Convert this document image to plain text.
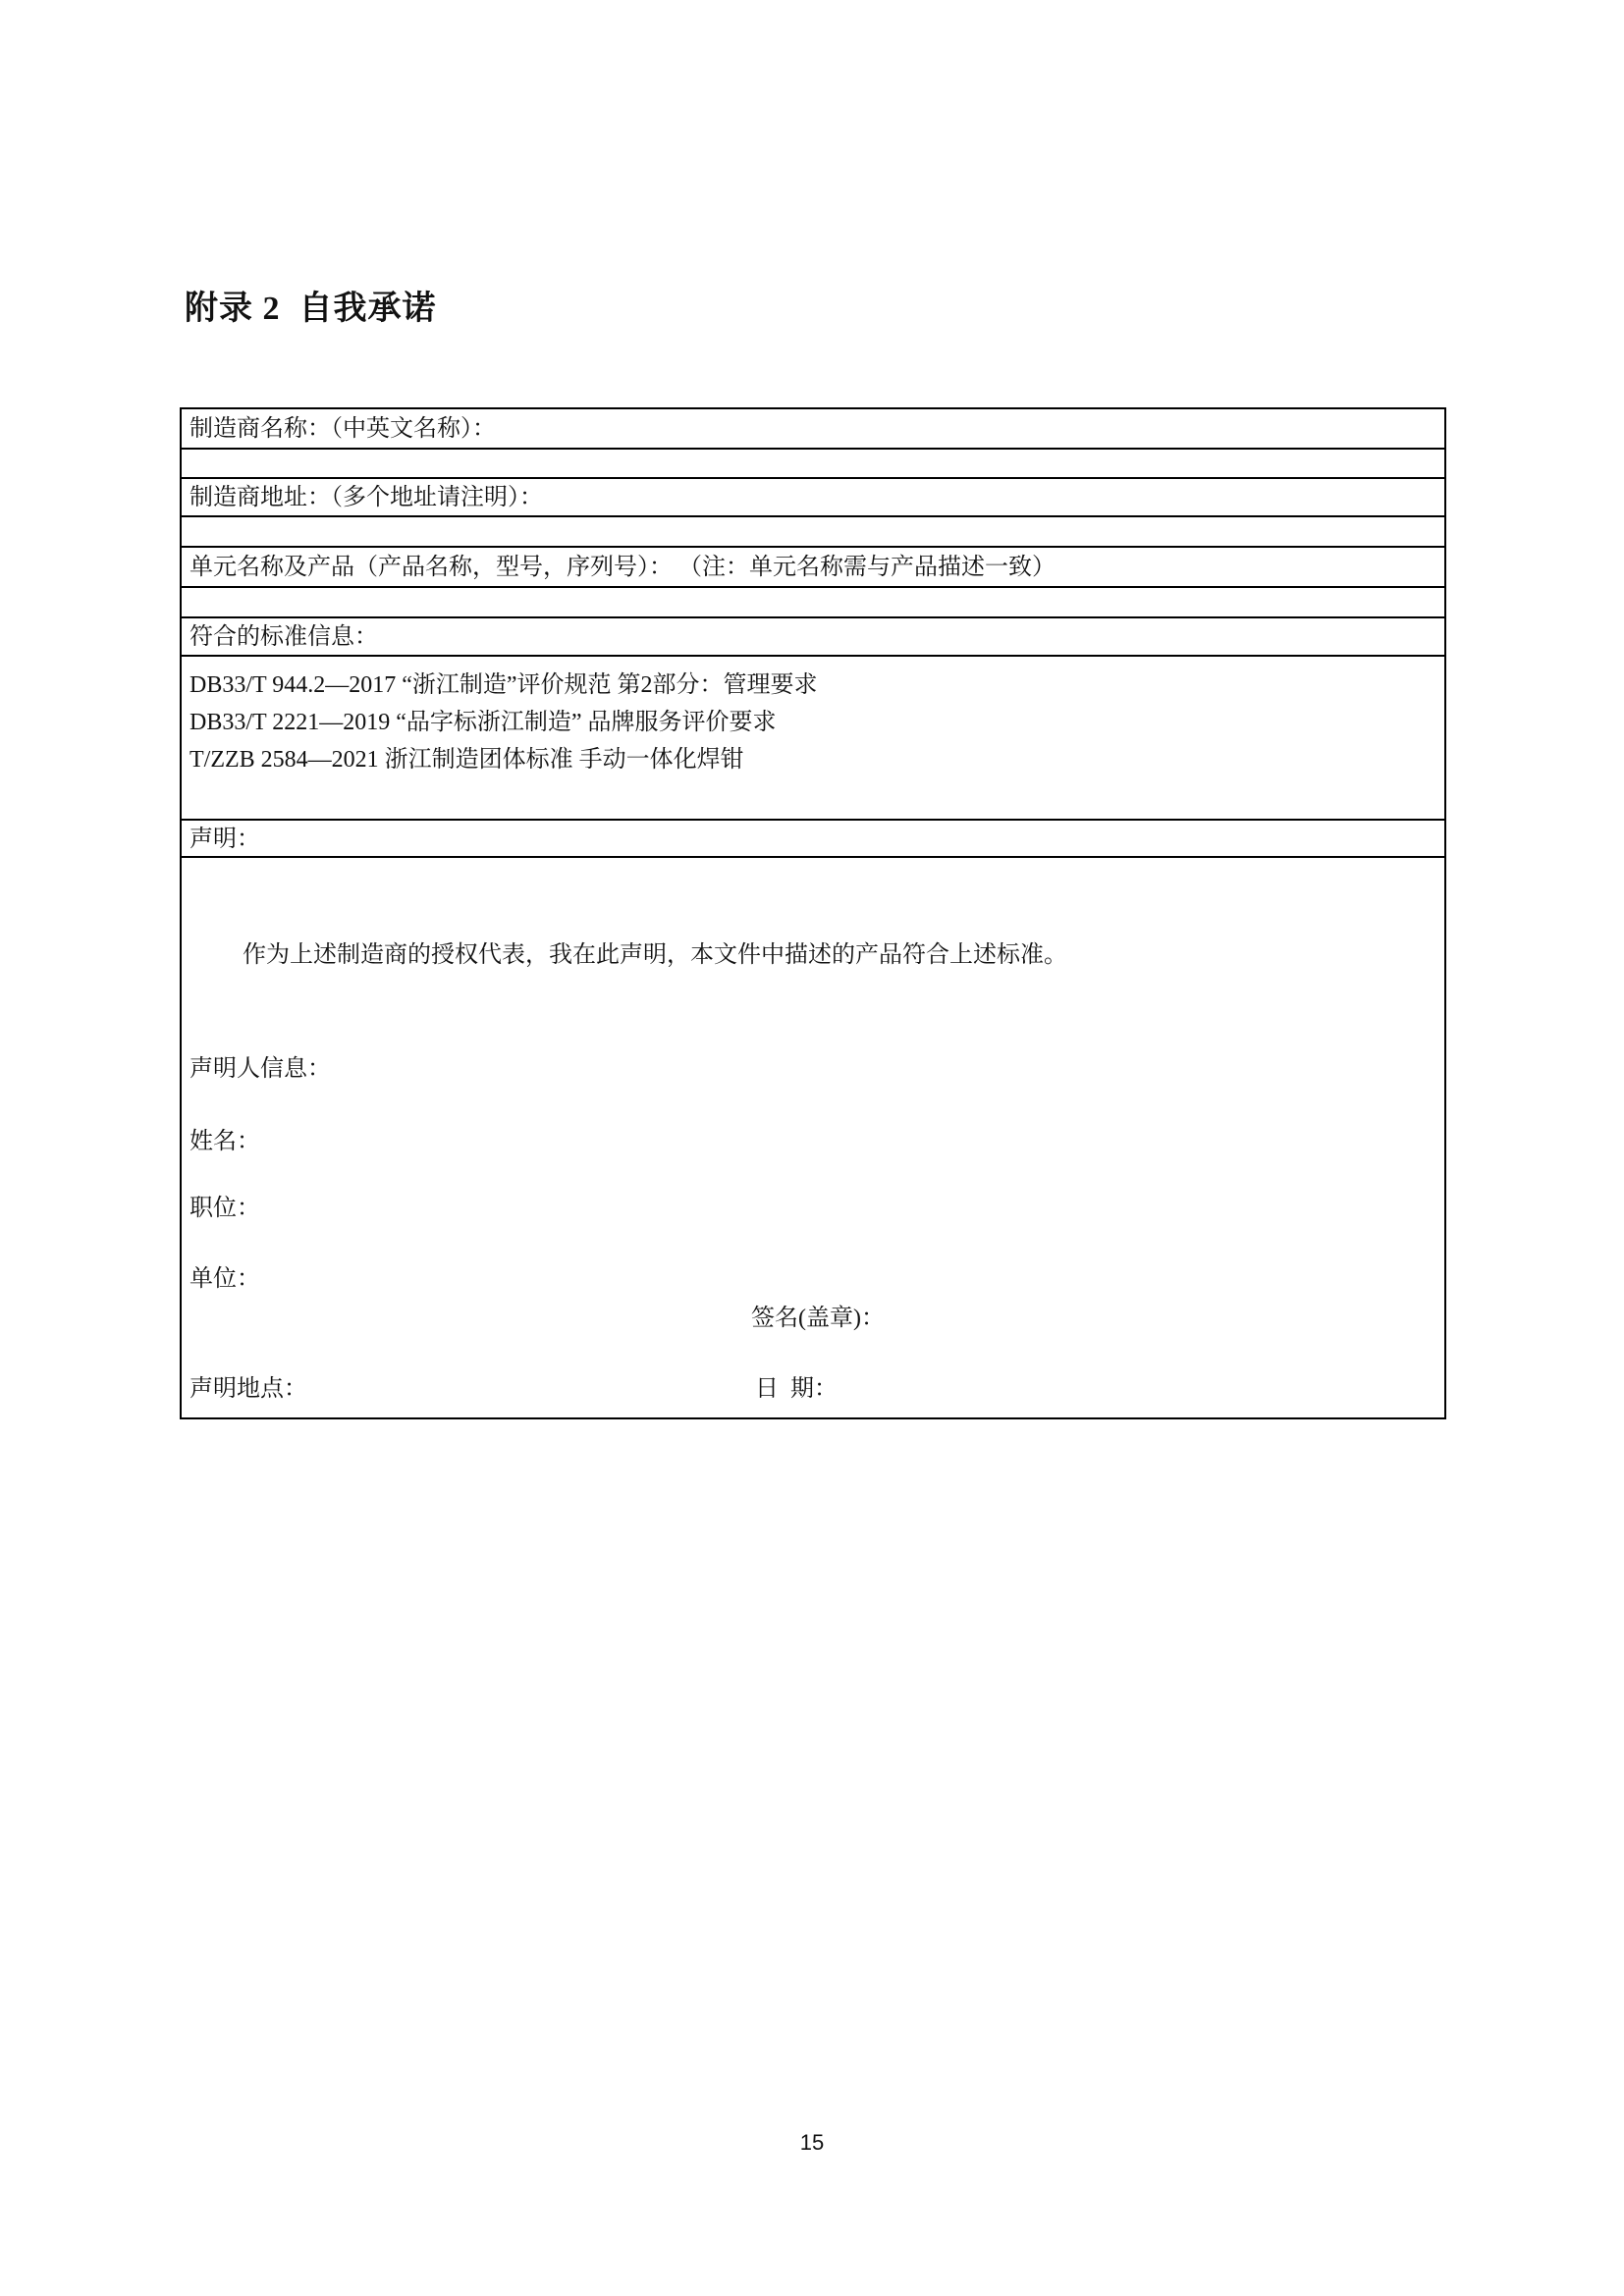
附录 2  自我承诺
制造商名称：（中英文名称）：
制造商地址：（多个地址请注明）：
单元名称及产品（产品名称，型号，序列号）： （注：单元名称需与产品描述一致）
符合的标准信息：
DB33/T 944.2—2017 “浙江制造”评价规范 第2部分：管理要求
DB33/T 2221—2019 “品字标浙江制造” 品牌服务评价要求
T/ZZB 2584—2021 浙江制造团体标准 手动一体化焊钳
声明：
作为上述制造商的授权代表，我在此声明，本文件中描述的产品符合上述标准。
声明人信息：
姓名：
职位：
单位：
签名(盖章)：
声明地点：	日  期：
15
